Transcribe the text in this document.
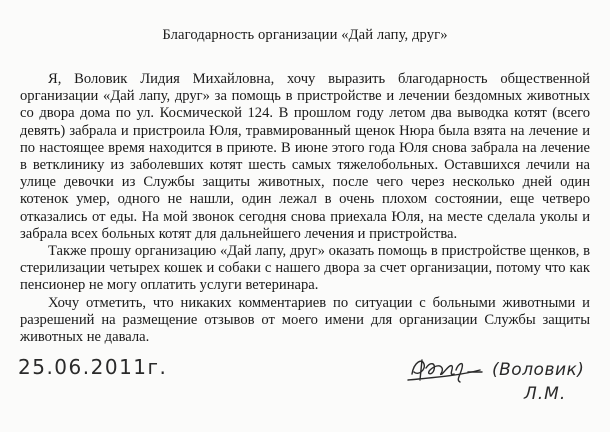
Благодарность организации «Дай лапу, друг»

Я, Воловик Лидия Михайловна, хочу выразить благодарность общественной организации «Дай лапу, друг» за помощь в пристройстве и лечении бездомных животных со двора дома по ул. Космической 124. В прошлом году летом два выводка котят (всего девять) забрала и пристроила Юля, травмированный щенок Нюра была взята на лечение и по настоящее время находится в приюте. В июне этого года Юля снова забрала на лечение в ветклинику из заболевших котят шесть самых тяжелобольных. Оставшихся лечили на улице девочки из Службы защиты животных, после чего через несколько дней один котенок умер, одного не нашли, один лежал в очень плохом состоянии, еще четверо отказались от еды. На мой звонок сегодня снова приехала Юля, на месте сделала уколы и забрала всех больных котят для дальнейшего лечения и пристройства.

Также прошу организацию «Дай лапу, друг» оказать помощь в пристройстве щенков, в стерилизации четырех кошек и собаки с нашего двора за счет организации, потому что как пенсионер не могу оплатить услуги ветеринара.

Хочу отметить, что никаких комментариев по ситуации с больными животными и разрешений на размещение отзывов от моего имени для организации Службы защиты животных не давала.

25.06.2011г.	(Воловик)
Л.М.
